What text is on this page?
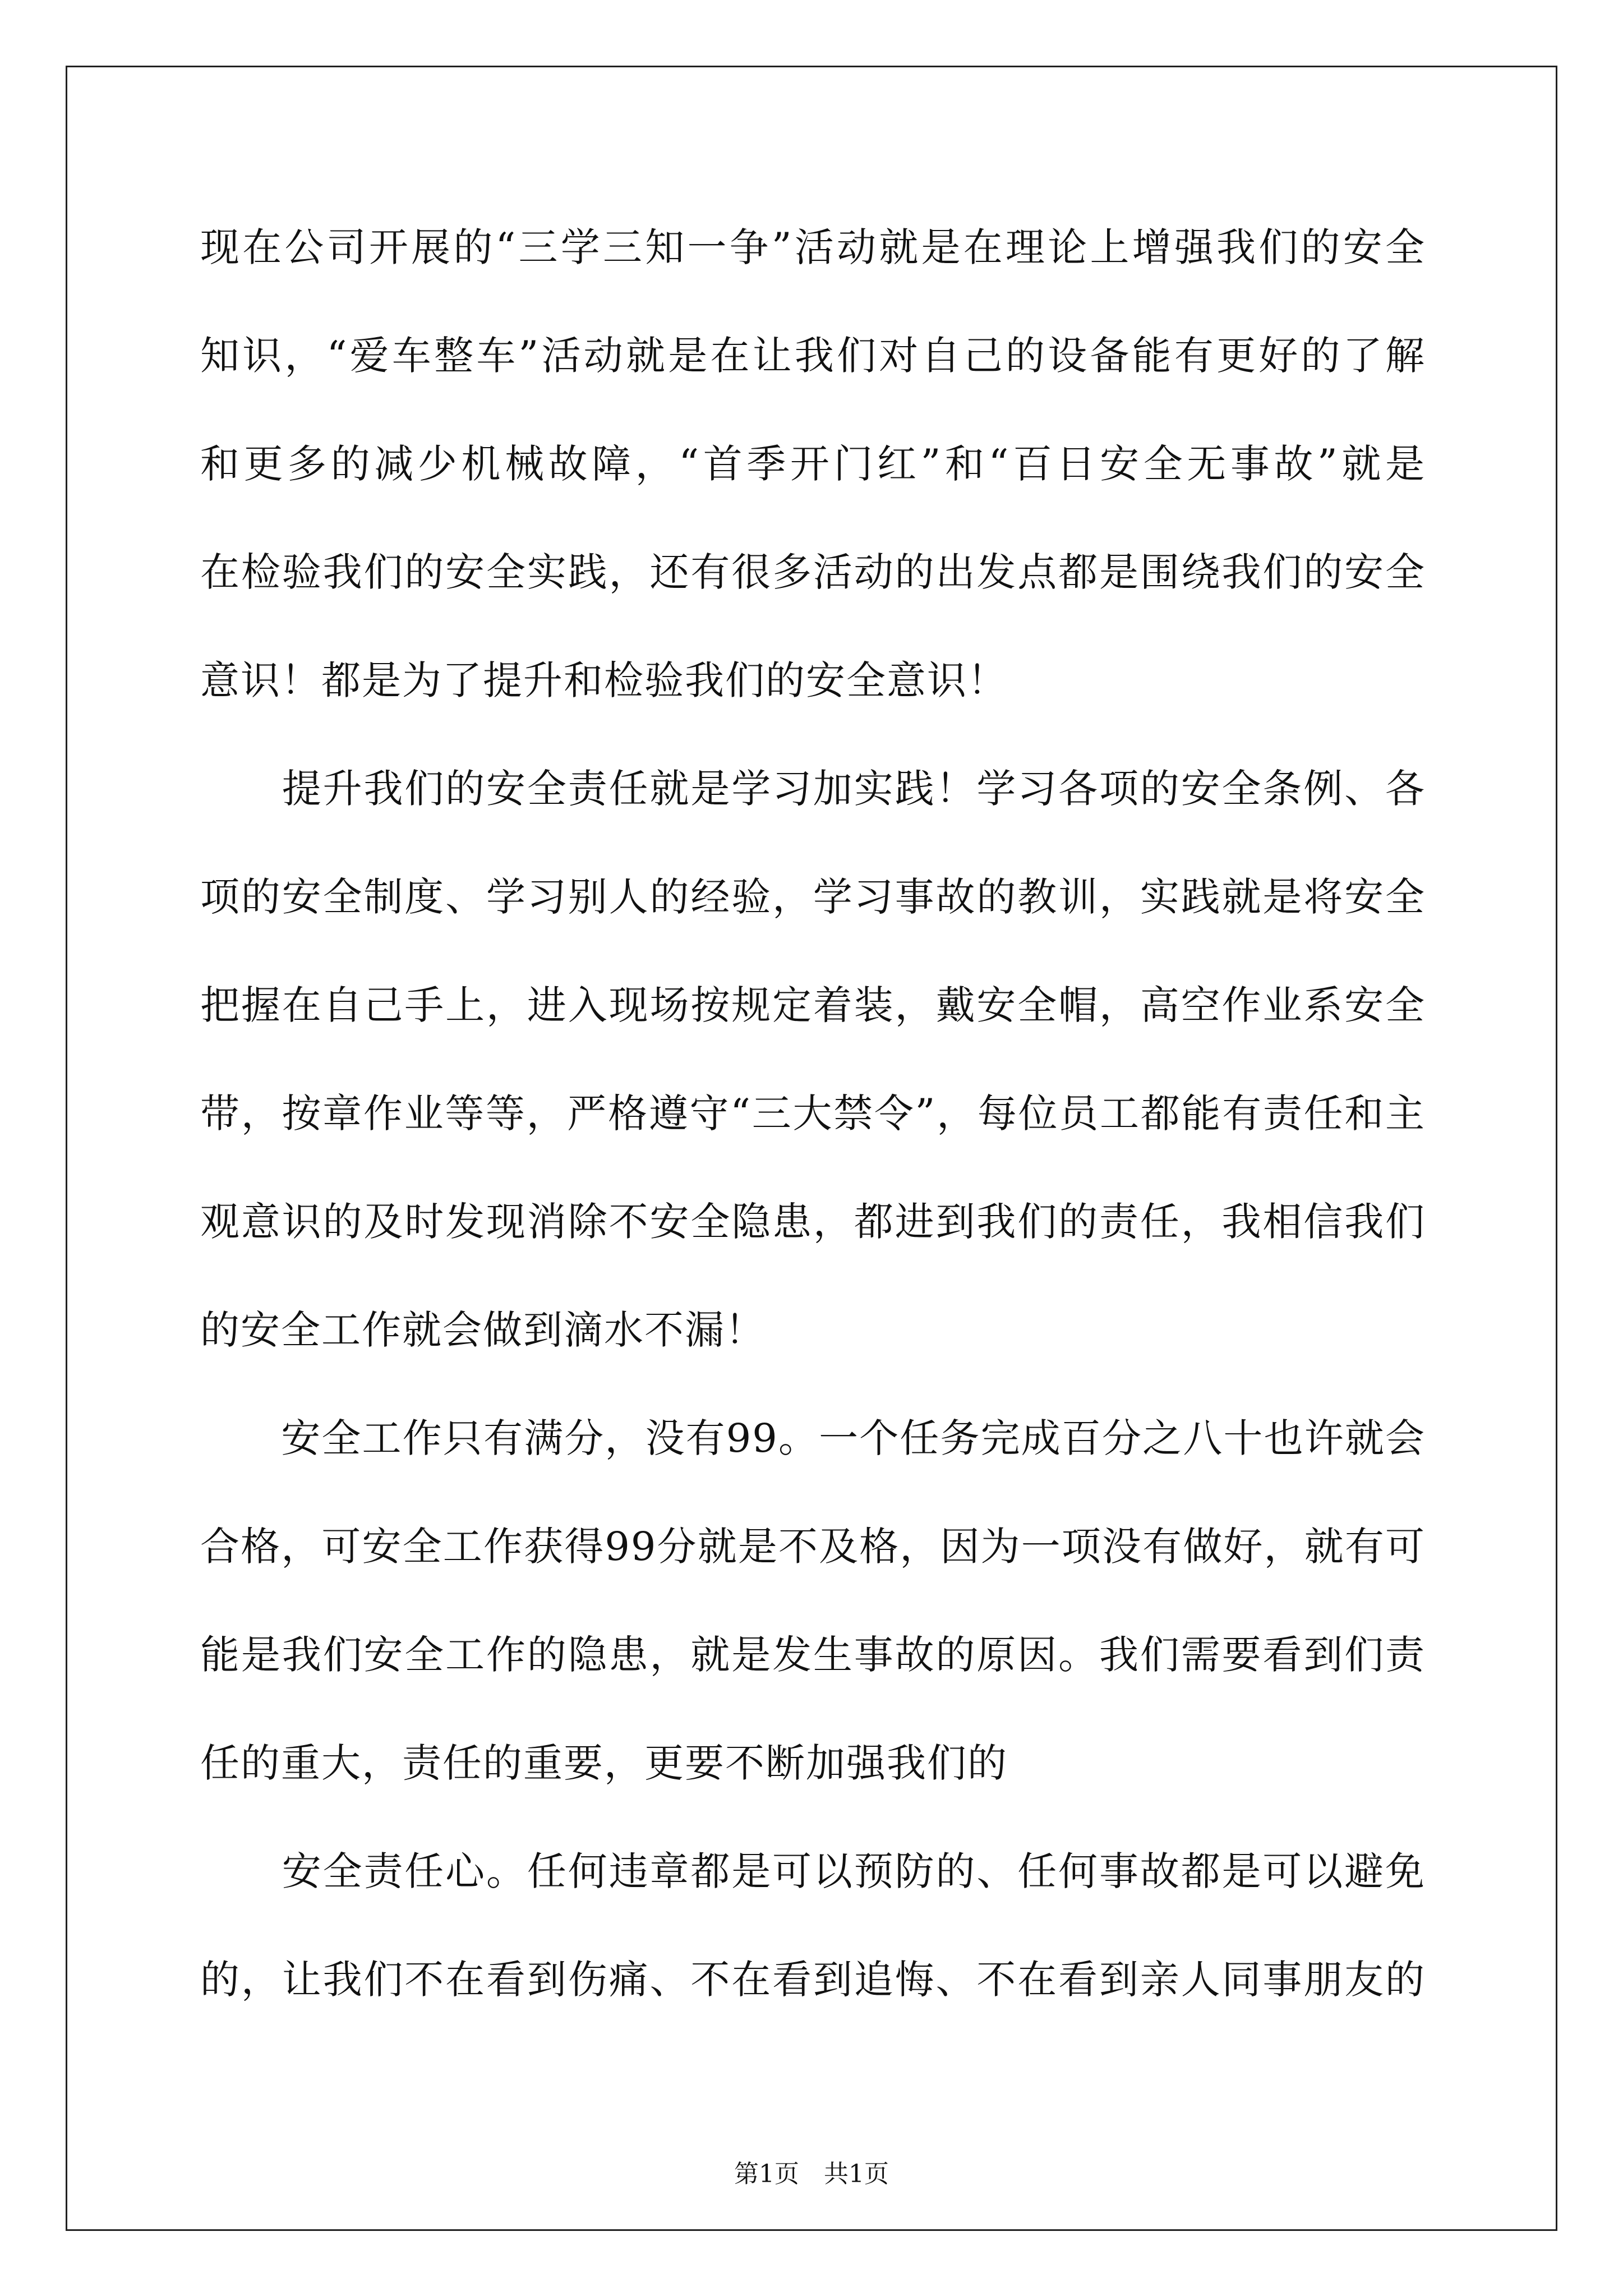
现在公司开展的“三学三知一争”活动就是在理论上增强我们的安全
知识，“爱车整车”活动就是在让我们对自己的设备能有更好的了解
和更多的减少机械故障，“首季开门红”和“百日安全无事故”就是
在检验我们的安全实践，还有很多活动的出发点都是围绕我们的安全
意识！都是为了提升和检验我们的安全意识！

　　提升我们的安全责任就是学习加实践！学习各项的安全条例、各
项的安全制度、学习别人的经验，学习事故的教训，实践就是将安全
把握在自己手上，进入现场按规定着装，戴安全帽，高空作业系安全
带，按章作业等等，严格遵守“三大禁令”，每位员工都能有责任和主
观意识的及时发现消除不安全隐患，都进到我们的责任，我相信我们
的安全工作就会做到滴水不漏！

　　安全工作只有满分，没有99。一个任务完成百分之八十也许就会
合格，可安全工作获得99分就是不及格，因为一项没有做好，就有可
能是我们安全工作的隐患，就是发生事故的原因。我们需要看到们责
任的重大，责任的重要，更要不断加强我们的

　　安全责任心。任何违章都是可以预防的、任何事故都是可以避免
的，让我们不在看到伤痛、不在看到追悔、不在看到亲人同事朋友的

第1页　共1页
